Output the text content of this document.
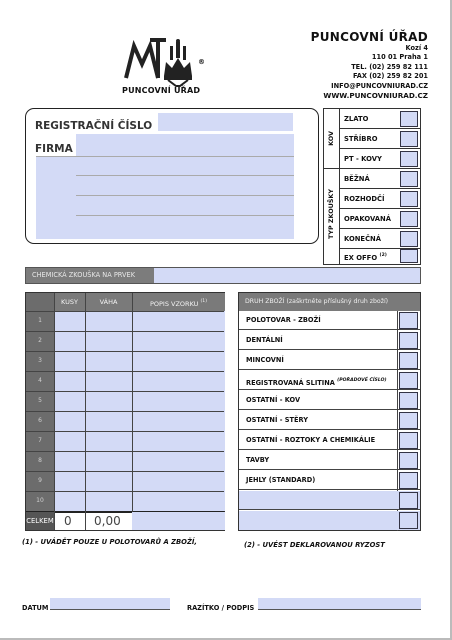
®
PUNCOVNÍ ÚŘAD
PUNCOVNÍ ÚŘAD
Kozí 4
110 01 Praha 1
TEL. (02) 259 82 111
FAX (02) 259 82 201
INFO@PUNCOVNIURAD.CZ
WWW.PUNCOVNIURAD.CZ
REGISTRAČNÍ ČÍSLO
FIRMA
KOV
TYP ZKOUŠKY
ZLATO
STŘÍBRO
PT - KOVY
BĚŽNÁ
ROZHODČÍ
OPAKOVANÁ
KONEČNÁ
EX OFFO $^{(2)}$
CHEMICKÁ ZKOUŠKA NA PRVEK
KUSY	VÁHA	POPIS VZORKU $^{(1)}$
1
2
3
4
5
6
7
8
9
10
CELKEM 0 0,00
DRUH ZBOŽÍ (zaškrtněte příslušný druh zboží)
POLOTOVAR - ZBOŽÍ
DENTÁLNÍ
MINCOVNÍ
REGISTROVANÁ SLITINA $^{(POŘADOVÉ ČÍSLO)}$
OSTATNÍ - KOV
OSTATNÍ - STĚRY
OSTATNÍ - ROZTOKY A CHEMIKÁLIE
TAVBY
JEHLY (STANDARD)
(1) - UVÁDĚT POUZE U POLOTOVARŮ A ZBOŽÍ,	(2) - UVÉST DEKLAROVANOU RYZOST
DATUM	RAZÍTKO / PODPIS
